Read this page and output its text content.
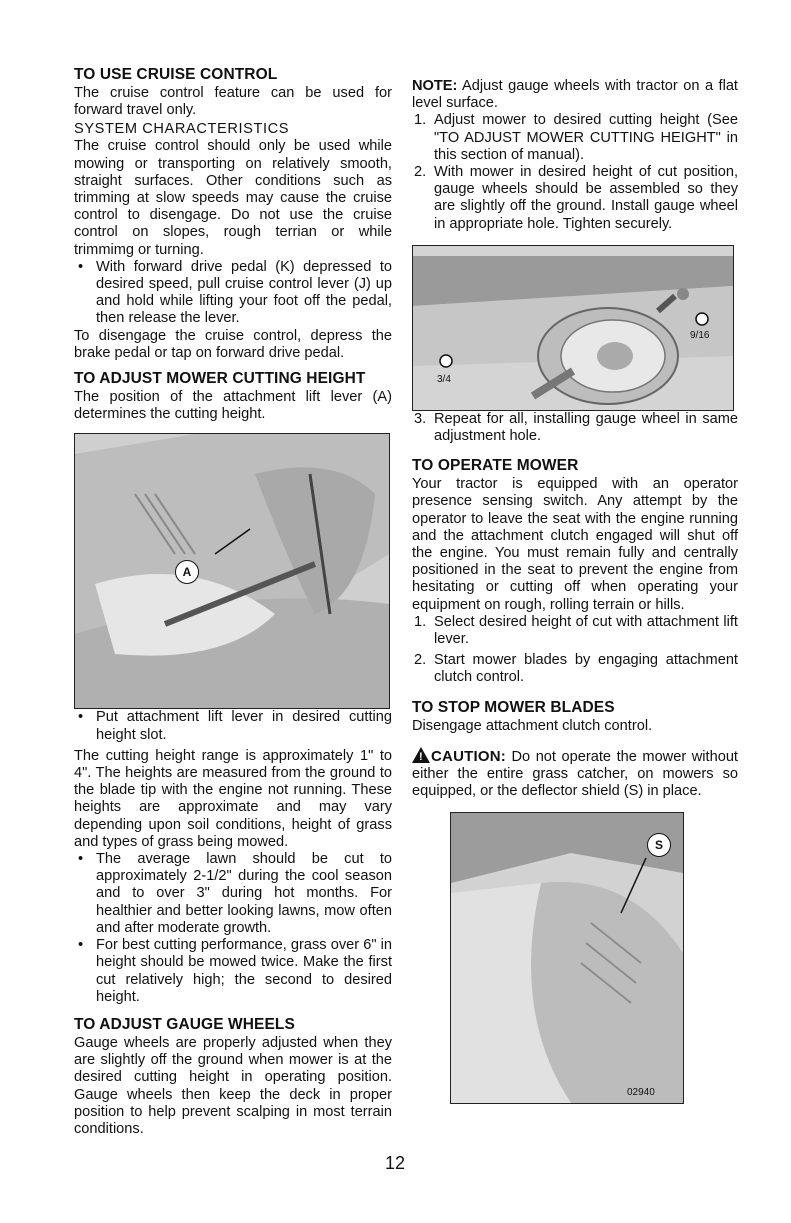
TO USE CRUISE CONTROL

The cruise control feature can be used for forward travel only.

SYSTEM CHARACTERISTICS

The cruise control should only be used while mowing or transporting on relatively smooth, straight surfaces. Other conditions such as trimming at slow speeds may cause the cruise control to disengage. Do not use the cruise control on slopes, rough terrian or while trimmimg or turning.

• With forward drive pedal (K) depressed to desired speed, pull cruise control lever (J) up and hold while lifting your foot off the pedal, then release the lever.

To disengage the cruise control, depress the brake pedal or tap on forward drive pedal.

TO ADJUST MOWER CUTTING HEIGHT

The position of the attachment lift lever (A) determines the cutting height.

A
• Put attachment lift lever in desired cutting height slot.

The cutting height range is approximately 1" to 4". The heights are measured from the ground to the blade tip with the engine not running. These heights are approximate and may vary depending upon soil conditions, height of grass and types of grass being mowed.

• The average lawn should be cut to approximately 2-1/2" during the cool season and to over 3" during hot months. For healthier and better looking lawns, mow often and after moderate growth.
• For best cutting performance, grass over 6" in height should be mowed twice. Make the first cut relatively high; the second to desired height.
TO ADJUST GAUGE WHEELS

Gauge wheels are properly adjusted when they are slightly off the ground when mower is at the desired cutting height in operating position. Gauge wheels then keep the deck in proper position to help prevent scalping in most terrain conditions.

NOTE: Adjust gauge wheels with tractor on a flat level surface.

1. Adjust mower to desired cutting height (See "TO ADJUST MOWER CUTTING HEIGHT" in this section of manual).
2. With mower in desired height of cut position, gauge wheels should be assembled so they are slightly off the ground. Install gauge wheel in appropriate hole. Tighten securely.
3/4
9/16
3. Repeat for all, installing gauge wheel in same adjustment hole.
TO OPERATE MOWER

Your tractor is equipped with an operator presence sensing switch. Any attempt by the operator to leave the seat with the engine running and the attachment clutch engaged will shut off the engine. You must remain fully and centrally positioned in the seat to prevent the engine from hesitating or cutting off when operating your equipment on rough, rolling terrain or hills.

1. Select desired height of cut with attachment lift lever.
2. Start mower blades by engaging attachment clutch control.
TO STOP MOWER BLADES

Disengage attachment clutch control.

!CAUTION: Do not operate the mower without either the entire grass catcher, on mowers so equipped, or the deflector shield (S) in place.

S
02940
12
